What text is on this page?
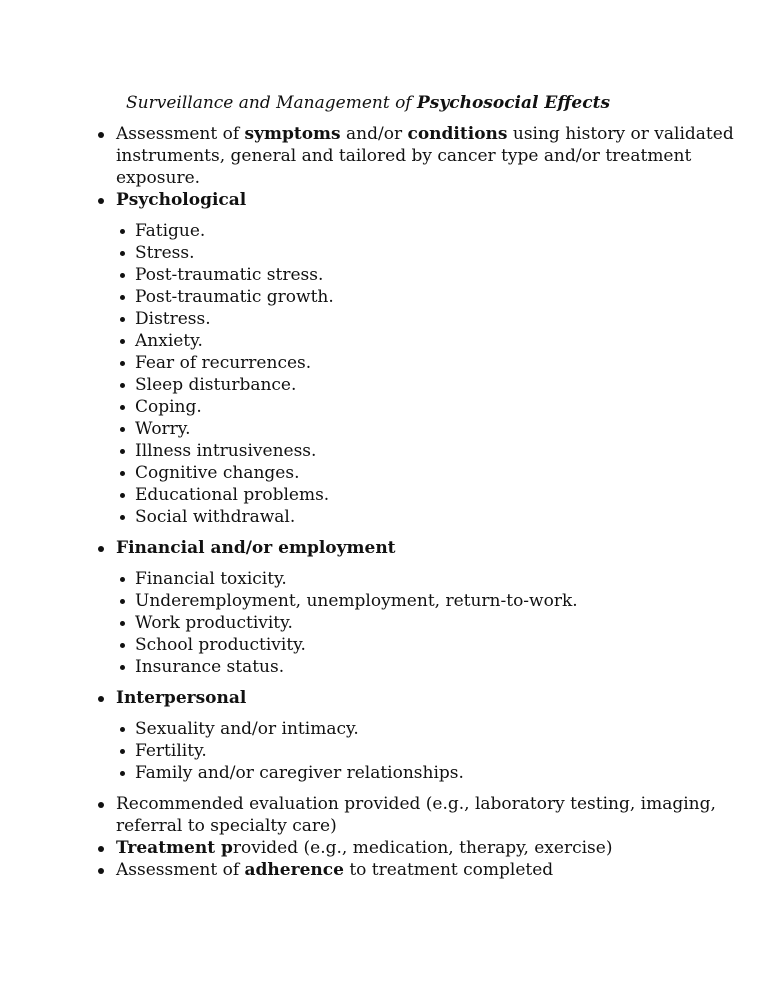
Surveillance and Management of Psychosocial Effects
Assessment of symptoms and/or conditions using history or validated instruments, general and tailored by cancer type and/or treatment exposure.
Psychological
Fatigue.
Stress.
Post-traumatic stress.
Post-traumatic growth.
Distress.
Anxiety.
Fear of recurrences.
Sleep disturbance.
Coping.
Worry.
Illness intrusiveness.
Cognitive changes.
Educational problems.
Social withdrawal.
Financial and/or employment
Financial toxicity.
Underemployment, unemployment, return-to-work.
Work productivity.
School productivity.
Insurance status.
Interpersonal
Sexuality and/or intimacy.
Fertility.
Family and/or caregiver relationships.
Recommended evaluation provided (e.g., laboratory testing, imaging, referral to specialty care)
Treatment provided (e.g., medication, therapy, exercise)
Assessment of adherence to treatment completed
